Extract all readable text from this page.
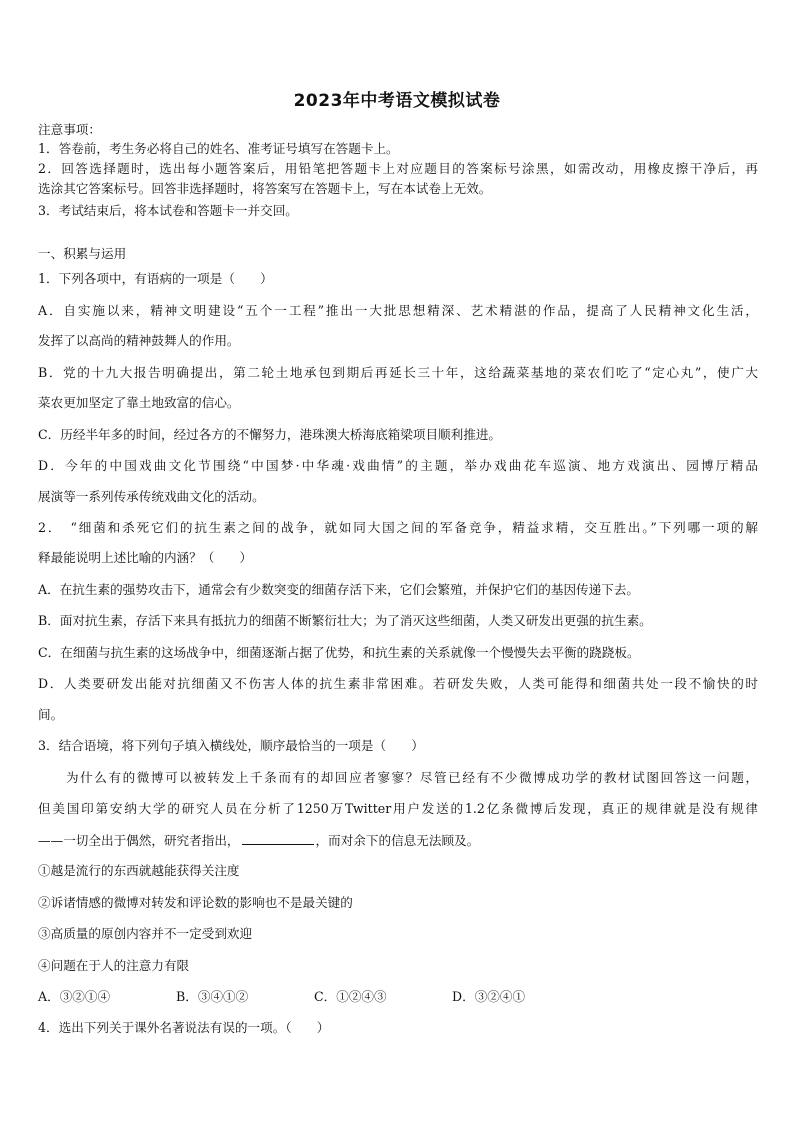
2023年中考语文模拟试卷
注意事项：
1．答卷前，考生务必将自己的姓名、准考证号填写在答题卡上。
2．回答选择题时，选出每小题答案后，用铅笔把答题卡上对应题目的答案标号涂黑，如需改动，用橡皮擦干净后，再
选涂其它答案标号。回答非选择题时，将答案写在答题卡上，写在本试卷上无效。
3．考试结束后，将本试卷和答题卡一并交回。
一、积累与运用
1．下列各项中，有语病的一项是（　　）
A．自实施以来，精神文明建设“五个一工程”推出一大批思想精深、艺术精湛的作品，提高了人民精神文化生活，
发挥了以高尚的精神鼓舞人的作用。
B．党的十九大报告明确提出，第二轮土地承包到期后再延长三十年，这给蔬菜基地的菜农们吃了“定心丸”，使广大
菜农更加坚定了靠土地致富的信心。
C．历经半年多的时间，经过各方的不懈努力，港珠澳大桥海底箱梁项目顺利推进。
D．今年的中国戏曲文化节围绕“中国梦·中华魂·戏曲情”的主题，举办戏曲花车巡演、地方戏演出、园博厅精品
展演等一系列传承传统戏曲文化的活动。
2．　“细菌和杀死它们的抗生素之间的战争，就如同大国之间的军备竞争，精益求精，交互胜出。”下列哪一项的解
释最能说明上述比喻的内涵？（　　）
A．在抗生素的强势攻击下，通常会有少数突变的细菌存活下来，它们会繁殖，并保护它们的基因传递下去。
B．面对抗生素，存活下来具有抵抗力的细菌不断繁衍壮大；为了消灭这些细菌，人类又研发出更强的抗生素。
C．在细菌与抗生素的这场战争中，细菌逐渐占据了优势，和抗生素的关系就像一个慢慢失去平衡的跷跷板。
D．人类要研发出能对抗细菌又不伤害人体的抗生素非常困难。若研发失败，人类可能得和细菌共处一段不愉快的时
间。
3．结合语境，将下列句子填入横线处，顺序最恰当的一项是（　　）
为什么有的微博可以被转发上千条而有的却回应者寥寥？尽管已经有不少微博成功学的教材试图回答这一问题，
但美国印第安纳大学的研究人员在分析了1250万Twitter用户发送的1.2亿条微博后发现，真正的规律就是没有规律
——一切全出于偶然，研究者指出，	，而对余下的信息无法顾及。
①越是流行的东西就越能获得关注度
②诉诸情感的微博对转发和评论数的影响也不是最关键的
③高质量的原创内容并不一定受到欢迎
④问题在于人的注意力有限
A．③②①④	B．③④①②	C．①②④③	D．③②④①
4．选出下列关于课外名著说法有误的一项。（　　）
